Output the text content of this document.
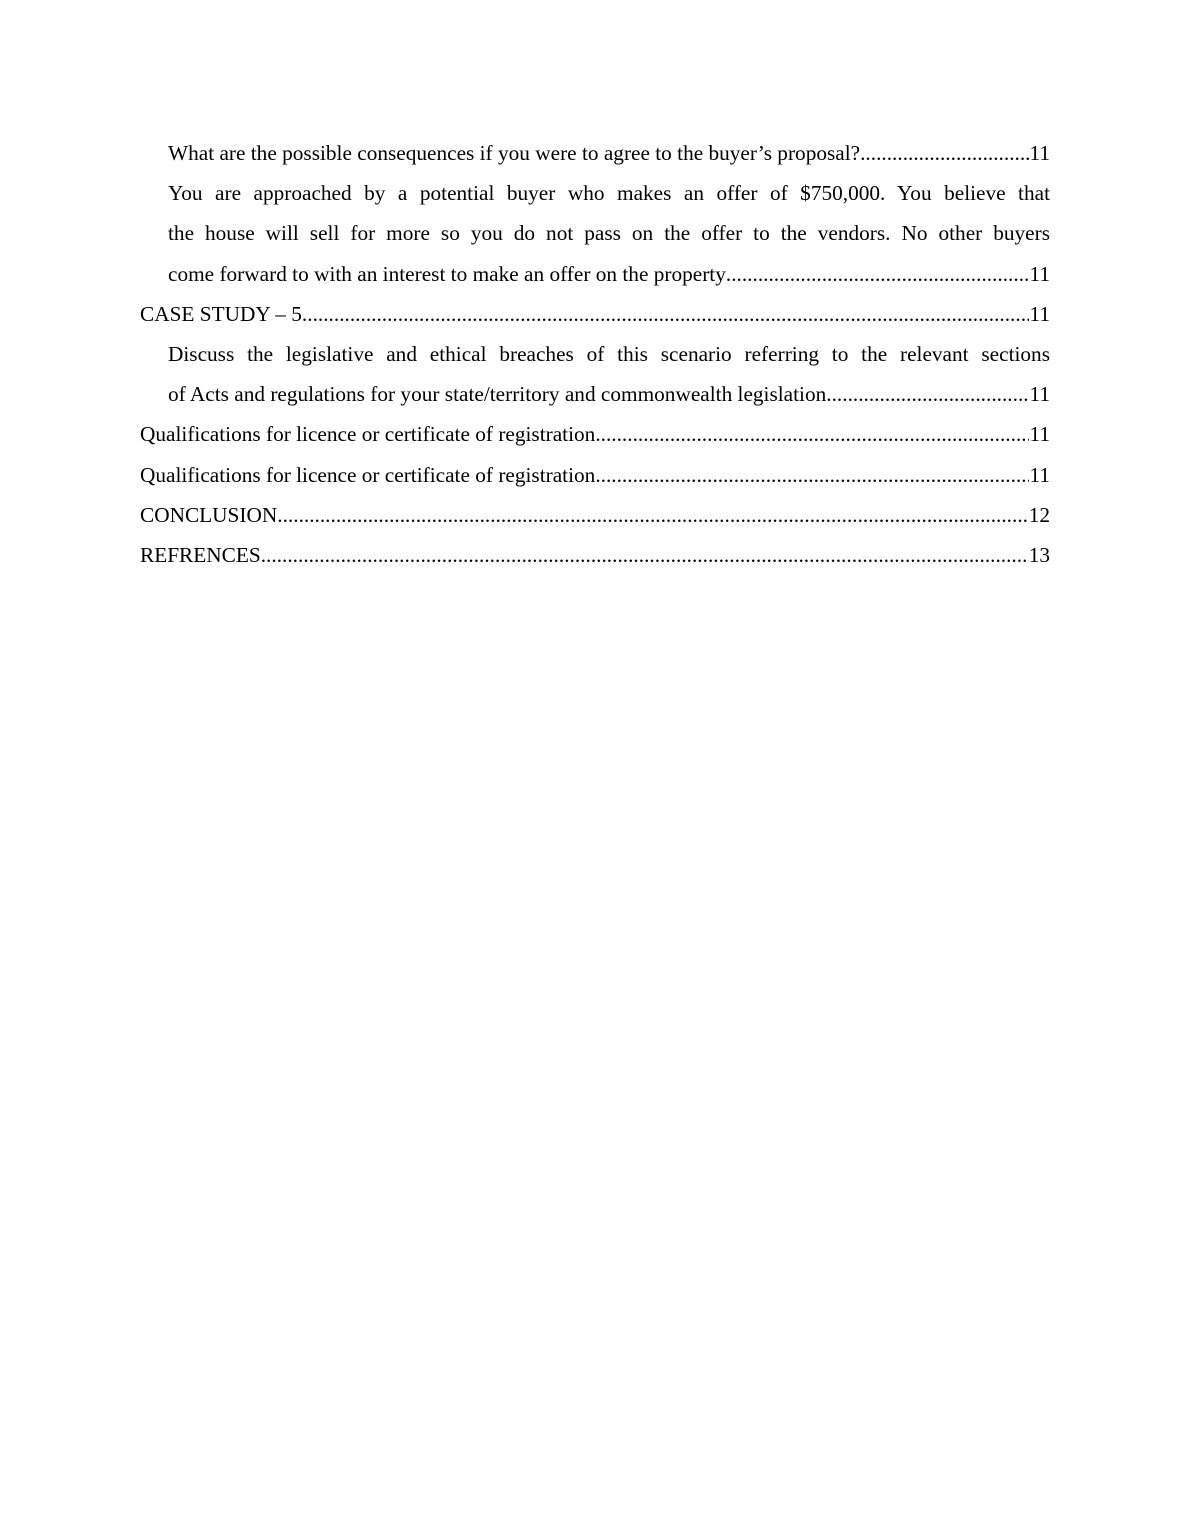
What are the possible consequences if you were to agree to the buyer’s proposal? .....	11
You are approached by a potential buyer who makes an offer of $750,000. You believe that
the house will sell for more so you do not pass on the offer to the vendors. No other buyers
come forward to with an interest to make an offer on the property .....	11
CASE STUDY – 5 .....	11
Discuss the legislative and ethical breaches of this scenario referring to the relevant sections
of Acts and regulations for your state/territory and commonwealth legislation .....	11
Qualifications for licence or certificate of registration .....	11
Qualifications for licence or certificate of registration .....	11
CONCLUSION .....	12
REFRENCES .....	13
